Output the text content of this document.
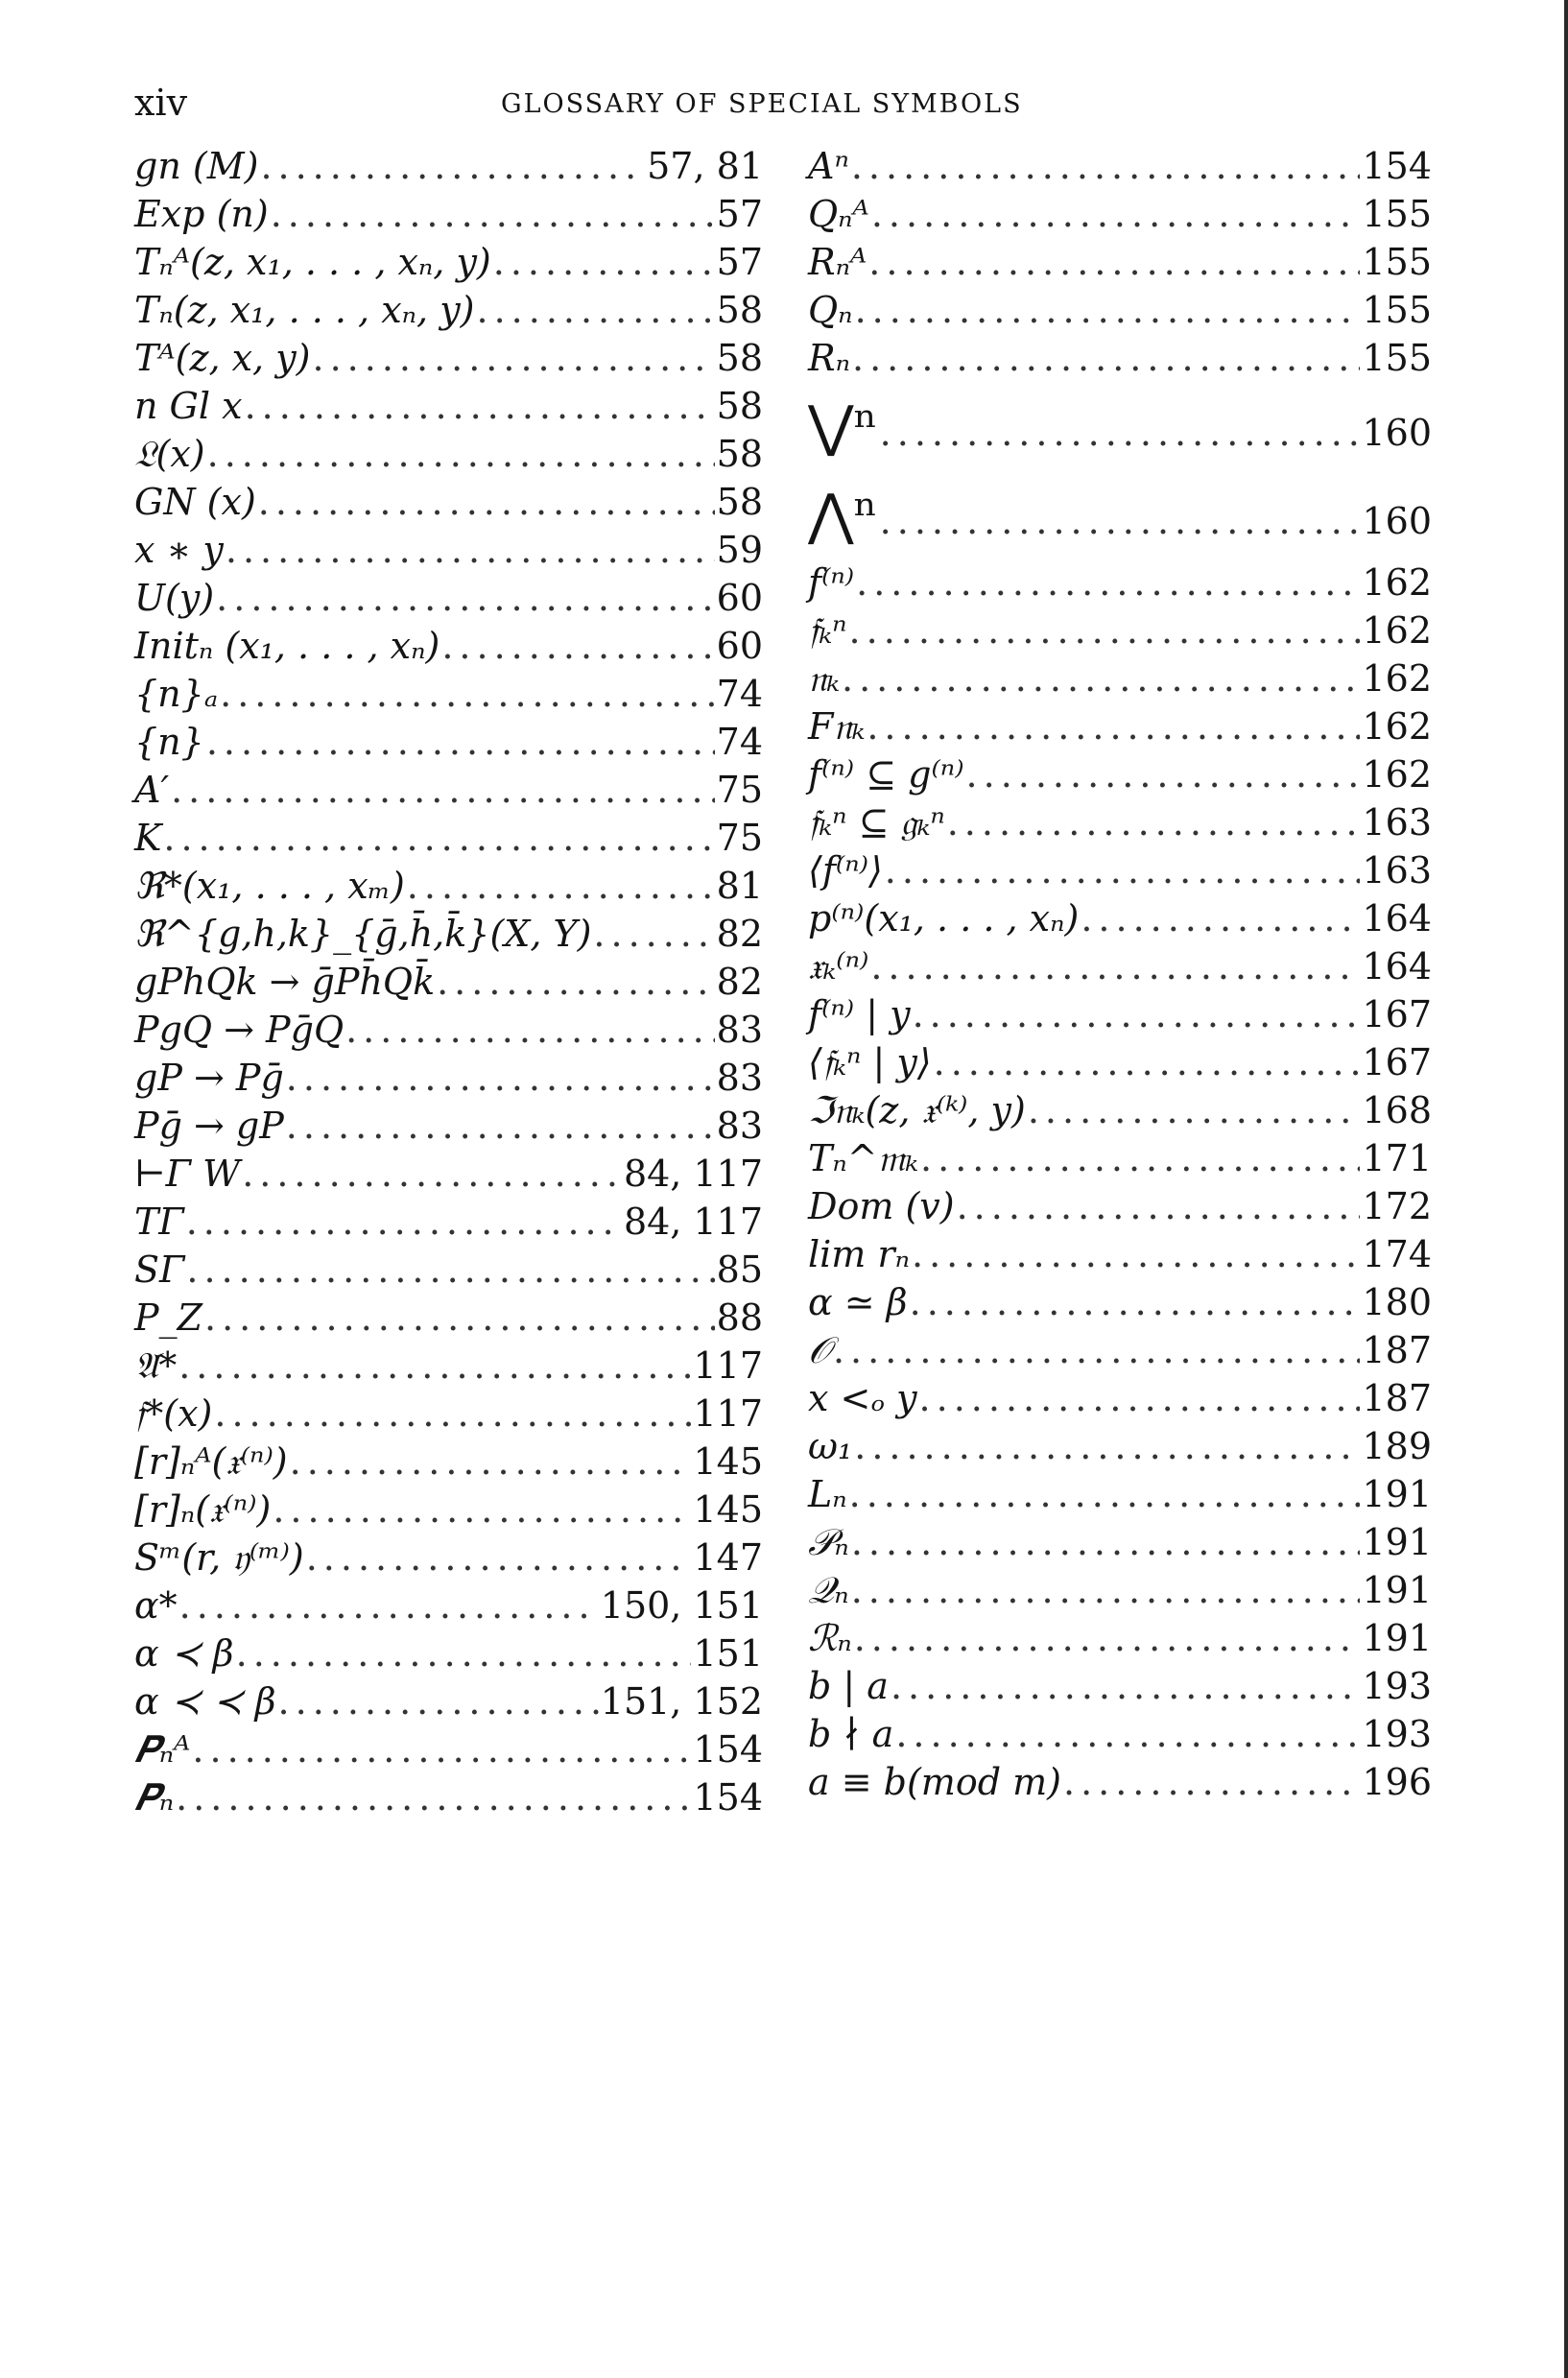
xiv	GLOSSARY OF SPECIAL SYMBOLS
gn (M) .....	57, 81
Exp (n) .....	57
Tₙᴬ(z, x₁, . . . , xₙ, y) .....	57
Tₙ(z, x₁, . . . , xₙ, y) .....	58
Tᴬ(z, x, y) .....	58
n Gl x .....	58
𝔏(x) .....	58
GN (x) .....	58
x ∗ y .....	59
U(y) .....	60
Initₙ (x₁, . . . , xₙ) .....	60
{n}ₐ .....	74
{n} .....	74
A′ .....	75
K .....	75
ℜ*(x₁, . . . , xₘ) .....	81
ℜ^{g,h,k}_{ḡ,h̄,k̄}(X, Y) .....	82
gPhQk → ḡPh̄Qk̄ .....	82
PgQ → PḡQ .....	83
gP → Pḡ .....	83
Pḡ → gP .....	83
⊢Γ W .....	84, 117
TΓ .....	84, 117
SΓ .....	85
P_Z .....	88
𝔄* .....	117
𝔣*(x) .....	117
[r]ₙᴬ(𝔵⁽ⁿ⁾) .....	145
[r]ₙ(𝔵⁽ⁿ⁾) .....	145
Sᵐ(r, 𝔶⁽ᵐ⁾) .....	147
α* .....	150, 151
α ≺ β .....	151
α ≺ ≺ β .....	151, 152
𝑷ₙᴬ .....	154
𝑷ₙ .....	154
Aⁿ .....	154
Qₙᴬ .....	155
Rₙᴬ .....	155
Qₙ .....	155
Rₙ .....	155
⋁ⁿ .....	160
⋀ⁿ .....	160
f⁽ⁿ⁾ .....	162
𝔣ₖⁿ .....	162
𝔫ₖ .....	162
F𝔫ₖ .....	162
f⁽ⁿ⁾ ⊆ g⁽ⁿ⁾ .....	162
𝔣ₖⁿ ⊆ 𝔤ₖⁿ .....	163
⟨f⁽ⁿ⁾⟩ .....	163
p⁽ⁿ⁾(x₁, . . . , xₙ) .....	164
𝔵ₖ⁽ⁿ⁾ .....	164
f⁽ⁿ⁾ | y .....	167
⟨𝔣ₖⁿ | y⟩ .....	167
ℑ𝔫ₖ(z, 𝔵⁽ᵏ⁾, y) .....	168
Tₙ^𝔪ₖ .....	171
Dom (v) .....	172
lim rₙ .....	174
α ≃ β .....	180
𝒪 .....	187
x <ₒ y .....	187
ω₁ .....	189
Lₙ .....	191
𝒫ₙ .....	191
𝒬ₙ .....	191
ℛₙ .....	191
b | a .....	193
b ∤ a .....	193
a ≡ b(mod m) .....	196
